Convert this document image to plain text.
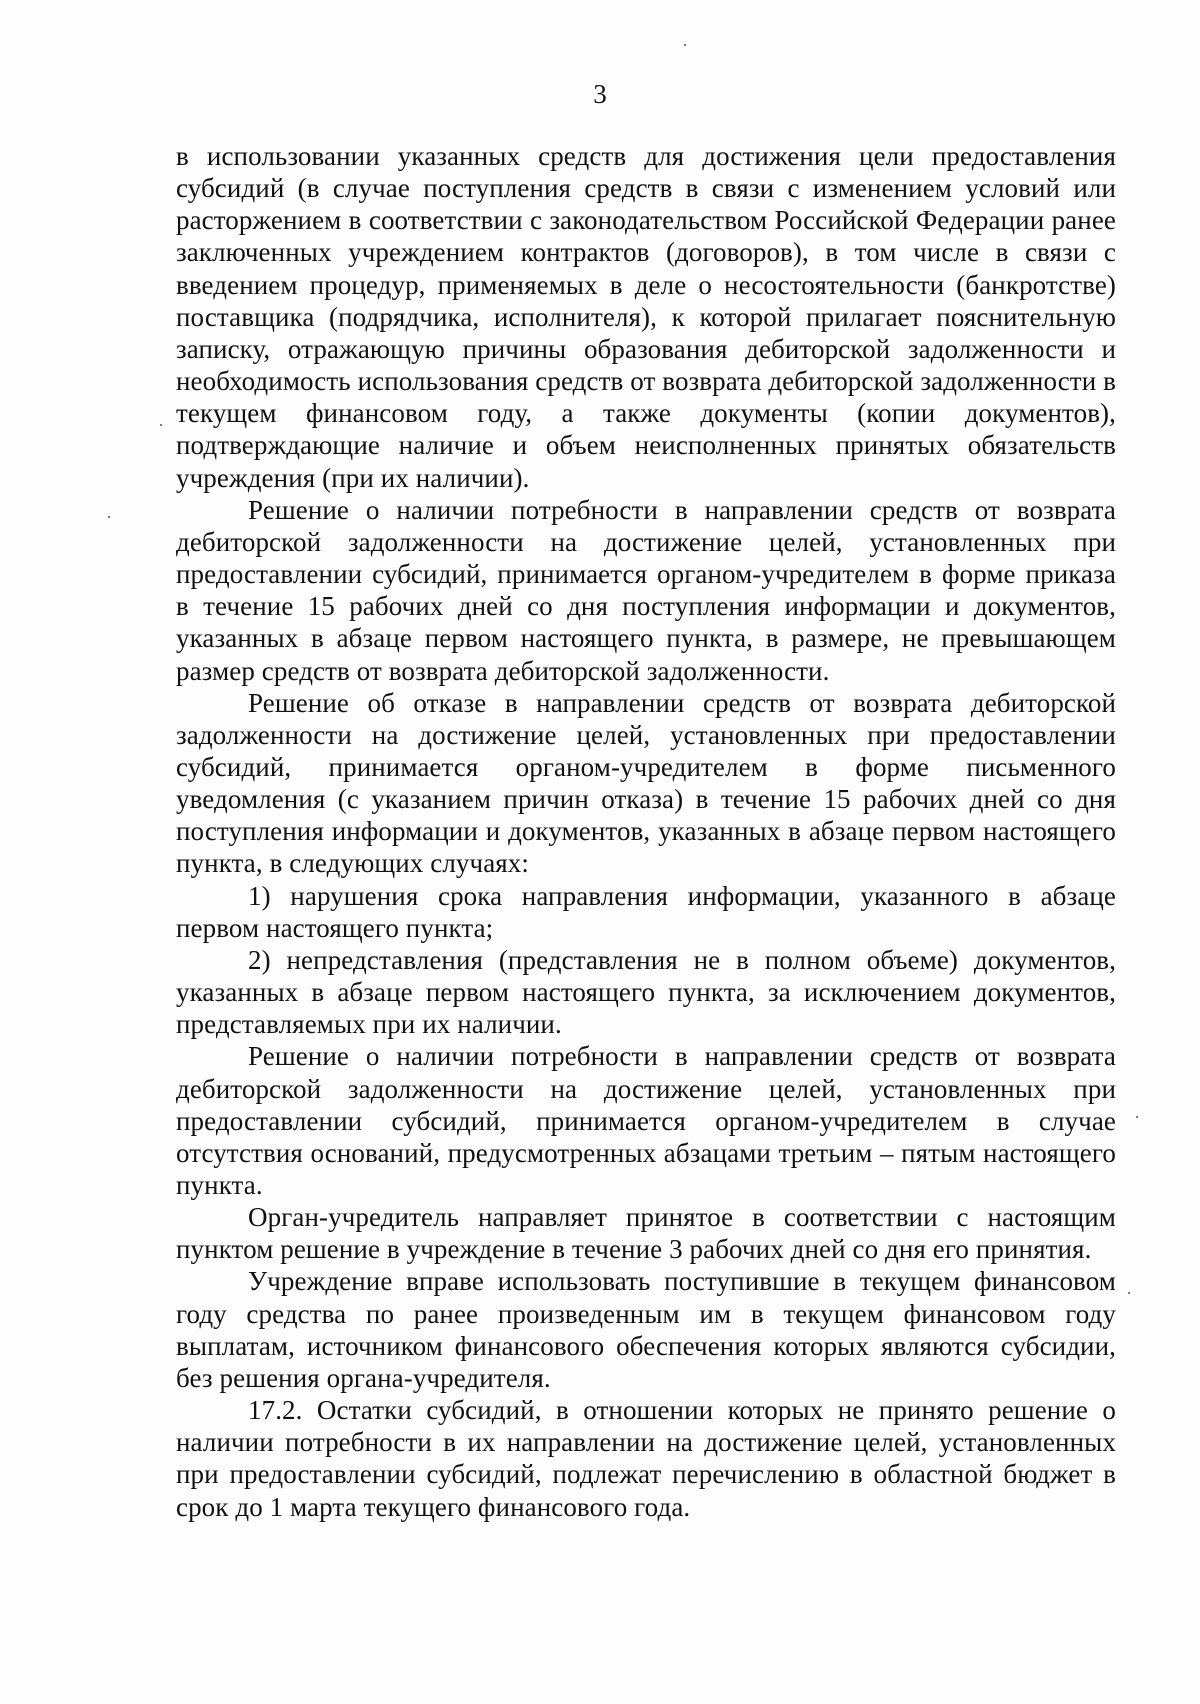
3

в использовании указанных средств для достижения цели предоставления субсидий (в случае поступления средств в связи с изменением условий или расторжением в соответствии с законодательством Российской Федерации ранее заключенных учреждением контрактов (договоров), в том числе в связи с введением процедур, применяемых в деле о несостоятельности (банкротстве) поставщика (подрядчика, исполнителя), к которой прилагает пояснительную записку, отражающую причины образования дебиторской задолженности и необходимость использования средств от возврата дебиторской задолженности в текущем финансовом году, а также документы (копии документов), подтверждающие наличие и объем неисполненных принятых обязательств учреждения (при их наличии).

Решение о наличии потребности в направлении средств от возврата дебиторской задолженности на достижение целей, установленных при предоставлении субсидий, принимается органом-учредителем в форме приказа в течение 15 рабочих дней со дня поступления информации и документов, указанных в абзаце первом настоящего пункта, в размере, не превышающем размер средств от возврата дебиторской задолженности.

Решение об отказе в направлении средств от возврата дебиторской задолженности на достижение целей, установленных при предоставлении субсидий, принимается органом-учредителем в форме письменного уведомления (с указанием причин отказа) в течение 15 рабочих дней со дня поступления информации и документов, указанных в абзаце первом настоящего пункта, в следующих случаях:

1) нарушения срока направления информации, указанного в абзаце первом настоящего пункта;

2) непредставления (представления не в полном объеме) документов, указанных в абзаце первом настоящего пункта, за исключением документов, представляемых при их наличии.

Решение о наличии потребности в направлении средств от возврата дебиторской задолженности на достижение целей, установленных при предоставлении субсидий, принимается органом-учредителем в случае отсутствия оснований, предусмотренных абзацами третьим – пятым настоящего пункта.

Орган-учредитель направляет принятое в соответствии с настоящим пунктом решение в учреждение в течение 3 рабочих дней со дня его принятия.

Учреждение вправе использовать поступившие в текущем финансовом году средства по ранее произведенным им в текущем финансовом году выплатам, источником финансового обеспечения которых являются субсидии, без решения органа-учредителя.

17.2. Остатки субсидий, в отношении которых не принято решение о наличии потребности в их направлении на достижение целей, установленных при предоставлении субсидий, подлежат перечислению в областной бюджет в срок до 1 марта текущего финансового года.
